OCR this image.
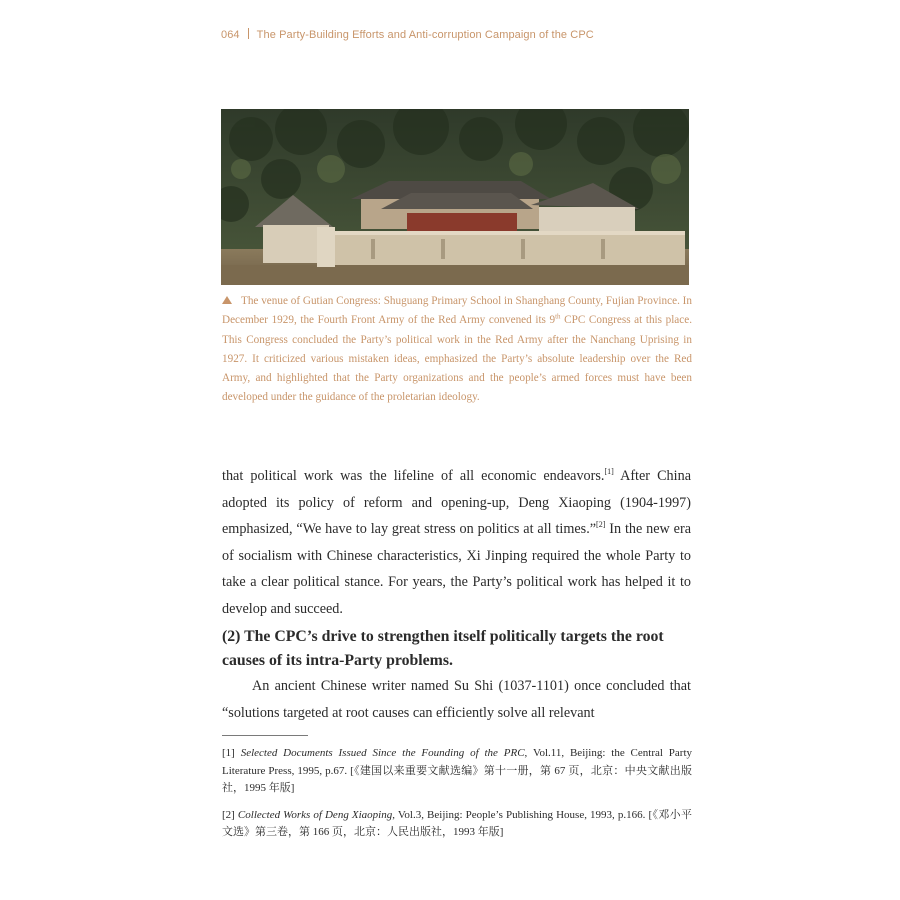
064 The Party-Building Efforts and Anti-corruption Campaign of the CPC
The venue of Gutian Congress: Shuguang Primary School in Shanghang County, Fujian Province. In December 1929, the Fourth Front Army of the Red Army convened its 9th CPC Congress at this place. This Congress concluded the Party’s political work in the Red Army after the Nanchang Uprising in 1927. It criticized various mistaken ideas, emphasized the Party’s absolute leadership over the Red Army, and highlighted that the Party organizations and the people’s armed forces must have been developed under the guidance of the proletarian ideology.

that political work was the lifeline of all economic endeavors.[1] After China adopted its policy of reform and opening-up, Deng Xiaoping (1904-1997) emphasized, “We have to lay great stress on politics at all times.”[2] In the new era of socialism with Chinese characteristics, Xi Jinping required the whole Party to take a clear political stance. For years, the Party’s political work has helped it to develop and succeed.

(2) The CPC’s drive to strengthen itself politically targets the root causes of its intra-Party problems.
An ancient Chinese writer named Su Shi (1037-1101) once concluded that “solutions targeted at root causes can efficiently solve all relevant

[1] Selected Documents Issued Since the Founding of the PRC, Vol.11, Beijing: the Central Party Literature Press, 1995, p.67. [《建国以来重要文献选编》第十一册，第 67 页，北京：中央文献出版社，1995 年版]

[2] Collected Works of Deng Xiaoping, Vol.3, Beijing: People’s Publishing House, 1993, p.166. [《邓小平文选》第三卷，第 166 页，北京：人民出版社，1993 年版]
